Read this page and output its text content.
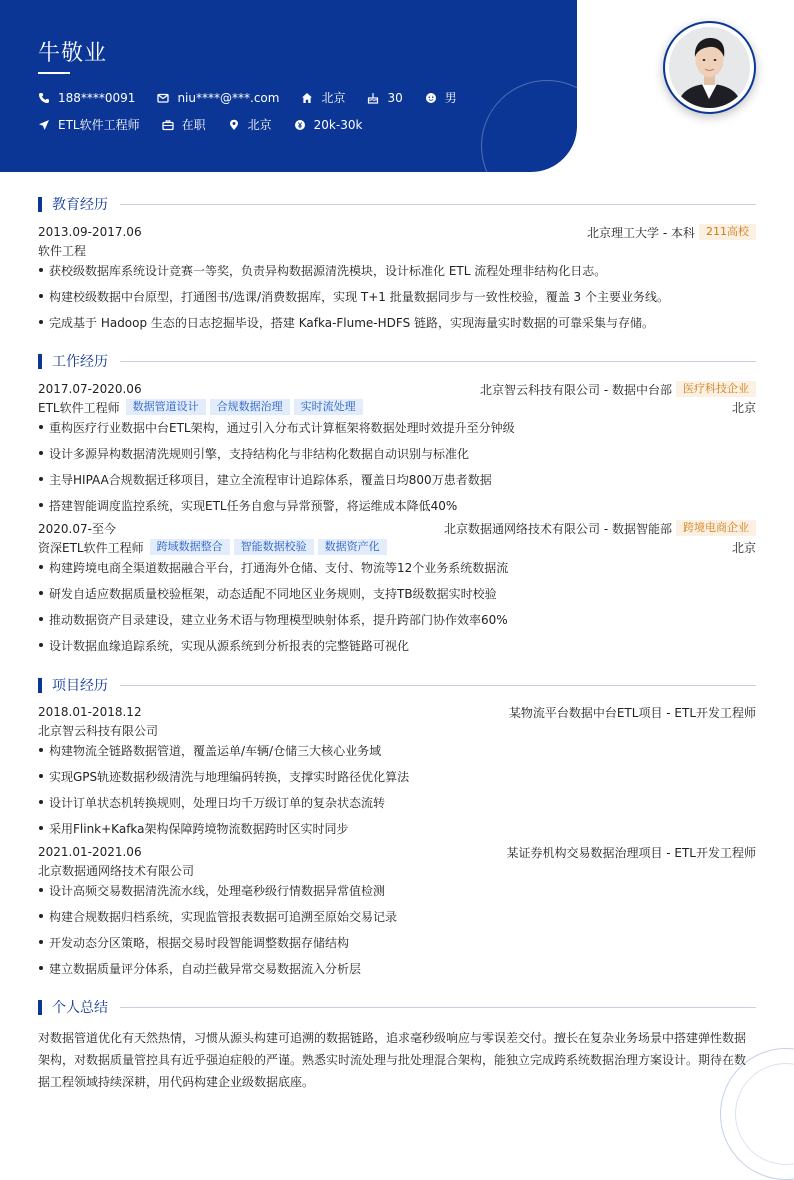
牛敬业
188****0091	niu****@***.com	北京	30	男
ETL软件工程师	在职	北京	20k-30k
教育经历
2013.09-2017.06	北京理工大学 - 本科	211高校
软件工程
获校级数据库系统设计竞赛一等奖，负责异构数据源清洗模块，设计标准化 ETL 流程处理非结构化日志。
构建校级数据中台原型，打通图书/选课/消费数据库，实现 T+1 批量数据同步与一致性校验，覆盖 3 个主要业务线。
完成基于 Hadoop 生态的日志挖掘毕设，搭建 Kafka-Flume-HDFS 链路，实现海量实时数据的可靠采集与存储。
工作经历
2017.07-2020.06	北京智云科技有限公司 - 数据中台部	医疗科技企业
ETL软件工程师	数据管道设计	合规数据治理	实时流处理	北京
重构医疗行业数据中台ETL架构，通过引入分布式计算框架将数据处理时效提升至分钟级
设计多源异构数据清洗规则引擎，支持结构化与非结构化数据自动识别与标准化
主导HIPAA合规数据迁移项目，建立全流程审计追踪体系，覆盖日均800万患者数据
搭建智能调度监控系统，实现ETL任务自愈与异常预警，将运维成本降低40%
2020.07-至今	北京数据通网络技术有限公司 - 数据智能部	跨境电商企业
资深ETL软件工程师	跨域数据整合	智能数据校验	数据资产化	北京
构建跨境电商全渠道数据融合平台，打通海外仓储、支付、物流等12个业务系统数据流
研发自适应数据质量校验框架，动态适配不同地区业务规则，支持TB级数据实时校验
推动数据资产目录建设，建立业务术语与物理模型映射体系，提升跨部门协作效率60%
设计数据血缘追踪系统，实现从源系统到分析报表的完整链路可视化
项目经历
2018.01-2018.12	某物流平台数据中台ETL项目 - ETL开发工程师
北京智云科技有限公司
构建物流全链路数据管道，覆盖运单/车辆/仓储三大核心业务域
实现GPS轨迹数据秒级清洗与地理编码转换，支撑实时路径优化算法
设计订单状态机转换规则，处理日均千万级订单的复杂状态流转
采用Flink+Kafka架构保障跨境物流数据跨时区实时同步
2021.01-2021.06	某证券机构交易数据治理项目 - ETL开发工程师
北京数据通网络技术有限公司
设计高频交易数据清洗流水线，处理毫秒级行情数据异常值检测
构建合规数据归档系统，实现监管报表数据可追溯至原始交易记录
开发动态分区策略，根据交易时段智能调整数据存储结构
建立数据质量评分体系，自动拦截异常交易数据流入分析层
个人总结
对数据管道优化有天然热情，习惯从源头构建可追溯的数据链路，追求毫秒级响应与零误差交付。擅长在复杂业务场景中搭建弹性数据架构，对数据质量管控具有近乎强迫症般的严谨。熟悉实时流处理与批处理混合架构，能独立完成跨系统数据治理方案设计。期待在数据工程领域持续深耕，用代码构建企业级数据底座。
